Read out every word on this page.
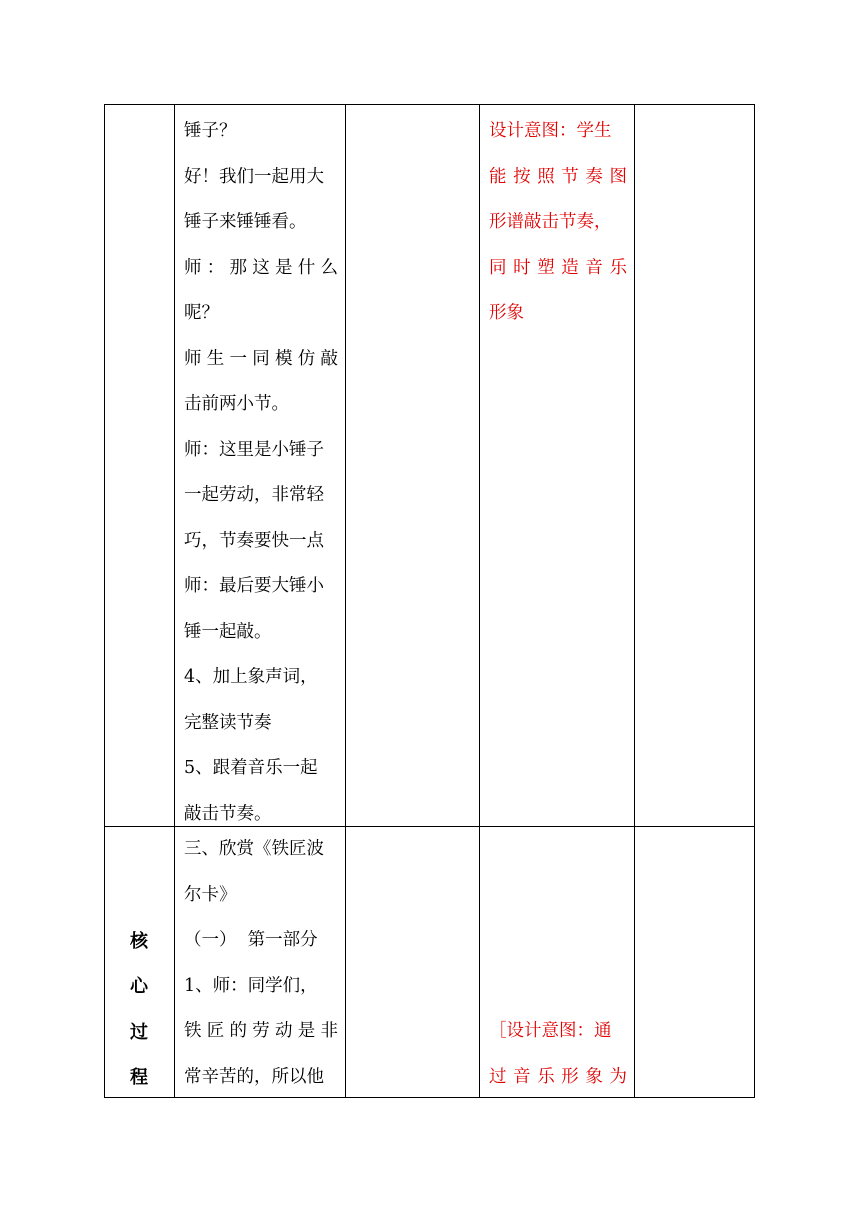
锤子？
好！我们一起用大
锤子来锤锤看。
师：那这是什么
呢？
师生一同模仿敲
击前两小节。
师：这里是小锤子
一起劳动，非常轻
巧，节奏要快一点
师：最后要大锤小
锤一起敲。
4、加上象声词，
完整读节奏
5、跟着音乐一起
敲击节奏。
设计意图：学生
能按照节奏图
形谱敲击节奏，
同时塑造音乐
形象
核
心
过
程
三、欣赏《铁匠波
尔卡》
（一）  第一部分
1、师：同学们，
铁匠的劳动是非
常辛苦的，所以他
［设计意图：通
过音乐形象为
